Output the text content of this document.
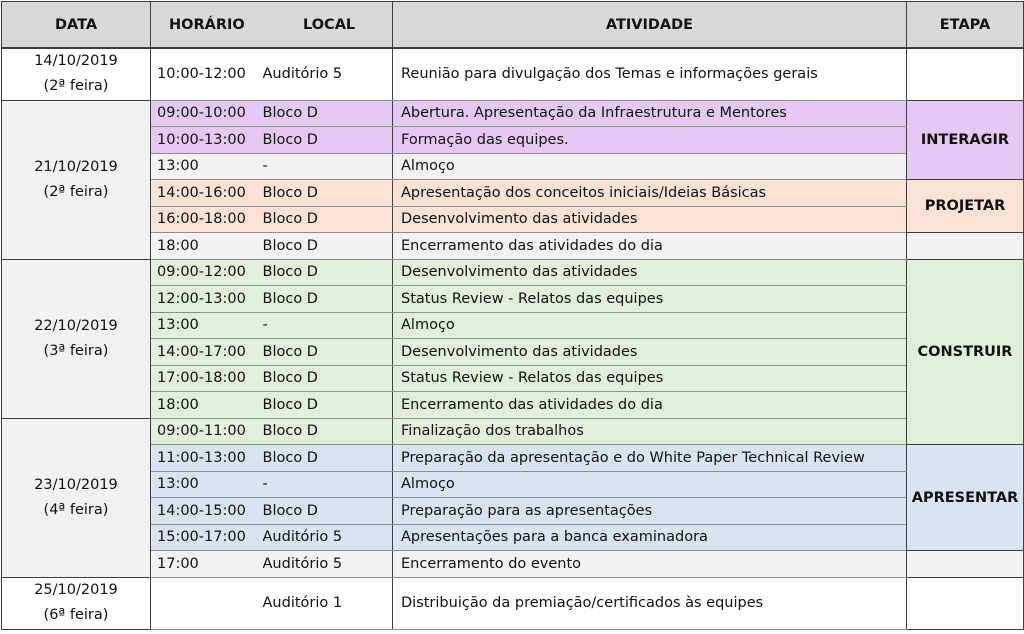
DATA	HORÁRIO LOCAL		ATIVIDADE	ETAPA

14/10/2019
(2ª feira)	10:00-12:00	Auditório 5	Reunião para divulgação dos Temas e informações gerais	

21/10/2019
(2ª feira)	09:00-10:00	Bloco D	Abertura. Apresentação da Infraestrutura e Mentores	INTERAGIR
	10:00-13:00	Bloco D	Formação das equipes.	
	13:00	-	Almoço	
	14:00-16:00	Bloco D	Apresentação dos conceitos iniciais/Ideias Básicas	PROJETAR
	16:00-18:00	Bloco D	Desenvolvimento das atividades	
	18:00	Bloco D	Encerramento das atividades do dia	

22/10/2019
(3ª feira)	09:00-12:00	Bloco D	Desenvolvimento das atividades	CONSTRUIR
	12:00-13:00	Bloco D	Status Review - Relatos das equipes	
	13:00	-	Almoço	
	14:00-17:00	Bloco D	Desenvolvimento das atividades	
	17:00-18:00	Bloco D	Status Review - Relatos das equipes	
	18:00	Bloco D	Encerramento das atividades do dia	

23/10/2019
(4ª feira)	09:00-11:00	Bloco D	Finalização dos trabalhos	
	11:00-13:00	Bloco D	Preparação da apresentação e do White Paper Technical Review	APRESENTAR
	13:00	-	Almoço	
	14:00-15:00	Bloco D	Preparação para as apresentações	
	15:00-17:00	Auditório 5	Apresentações para a banca examinadora	
	17:00	Auditório 5	Encerramento do evento	

25/10/2019
(6ª feira)		Auditório 1	Distribuição da premiação/certificados às equipes	
